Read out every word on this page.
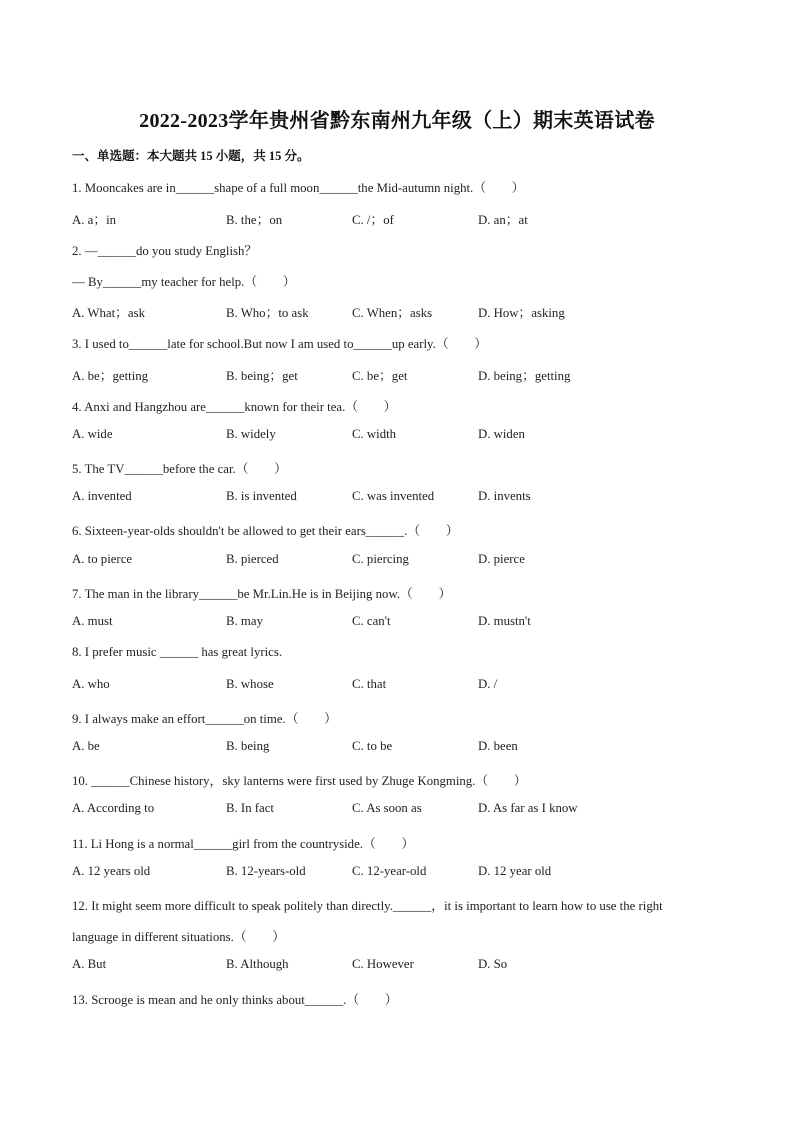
2022-2023学年贵州省黔东南州九年级（上）期末英语试卷
一、单选题：本大题共 15 小题，共 15 分。
1. Mooncakes are in______shape of a full moon______the Mid-autumn night.（　　）
A. a；in	B. the；on	C. /；of	D. an；at
2. —______do you study English？
— By______my teacher for help.（　　）
A. What；ask	B. Who；to ask	C. When；asks	D. How；asking
3. I used to______late for school.But now I am used to______up early.（　　）
A. be；getting	B. being；get	C. be；get	D. being；getting
4. Anxi and Hangzhou are______known for their tea.（　　）
A. wide	B. widely	C. width	D. widen
5. The TV______before the car.（　　）
A. invented	B. is invented	C. was invented	D. invents
6. Sixteen-year-olds shouldn't be allowed to get their ears______.（　　）
A. to pierce	B. pierced	C. piercing	D. pierce
7. The man in the library______be Mr.Lin.He is in Beijing now.（　　）
A. must	B. may	C. can't	D. mustn't
8. I prefer music ______ has great lyrics.
A. who	B. whose	C. that	D. /
9. I always make an effort______on time.（　　）
A. be	B. being	C. to be	D. been
10. ______Chinese history，sky lanterns were first used by Zhuge Kongming.（　　）
A. According to	B. In fact	C. As soon as	D. As far as I know
11. Li Hong is a normal______girl from the countryside.（　　）
A. 12 years old	B. 12-years-old	C. 12-year-old	D. 12 year old
12. It might seem more difficult to speak politely than directly.______，it is important to learn how to use the right
language in different situations.（　　）
A. But	B. Although	C. However	D. So
13. Scrooge is mean and he only thinks about______.（　　）
